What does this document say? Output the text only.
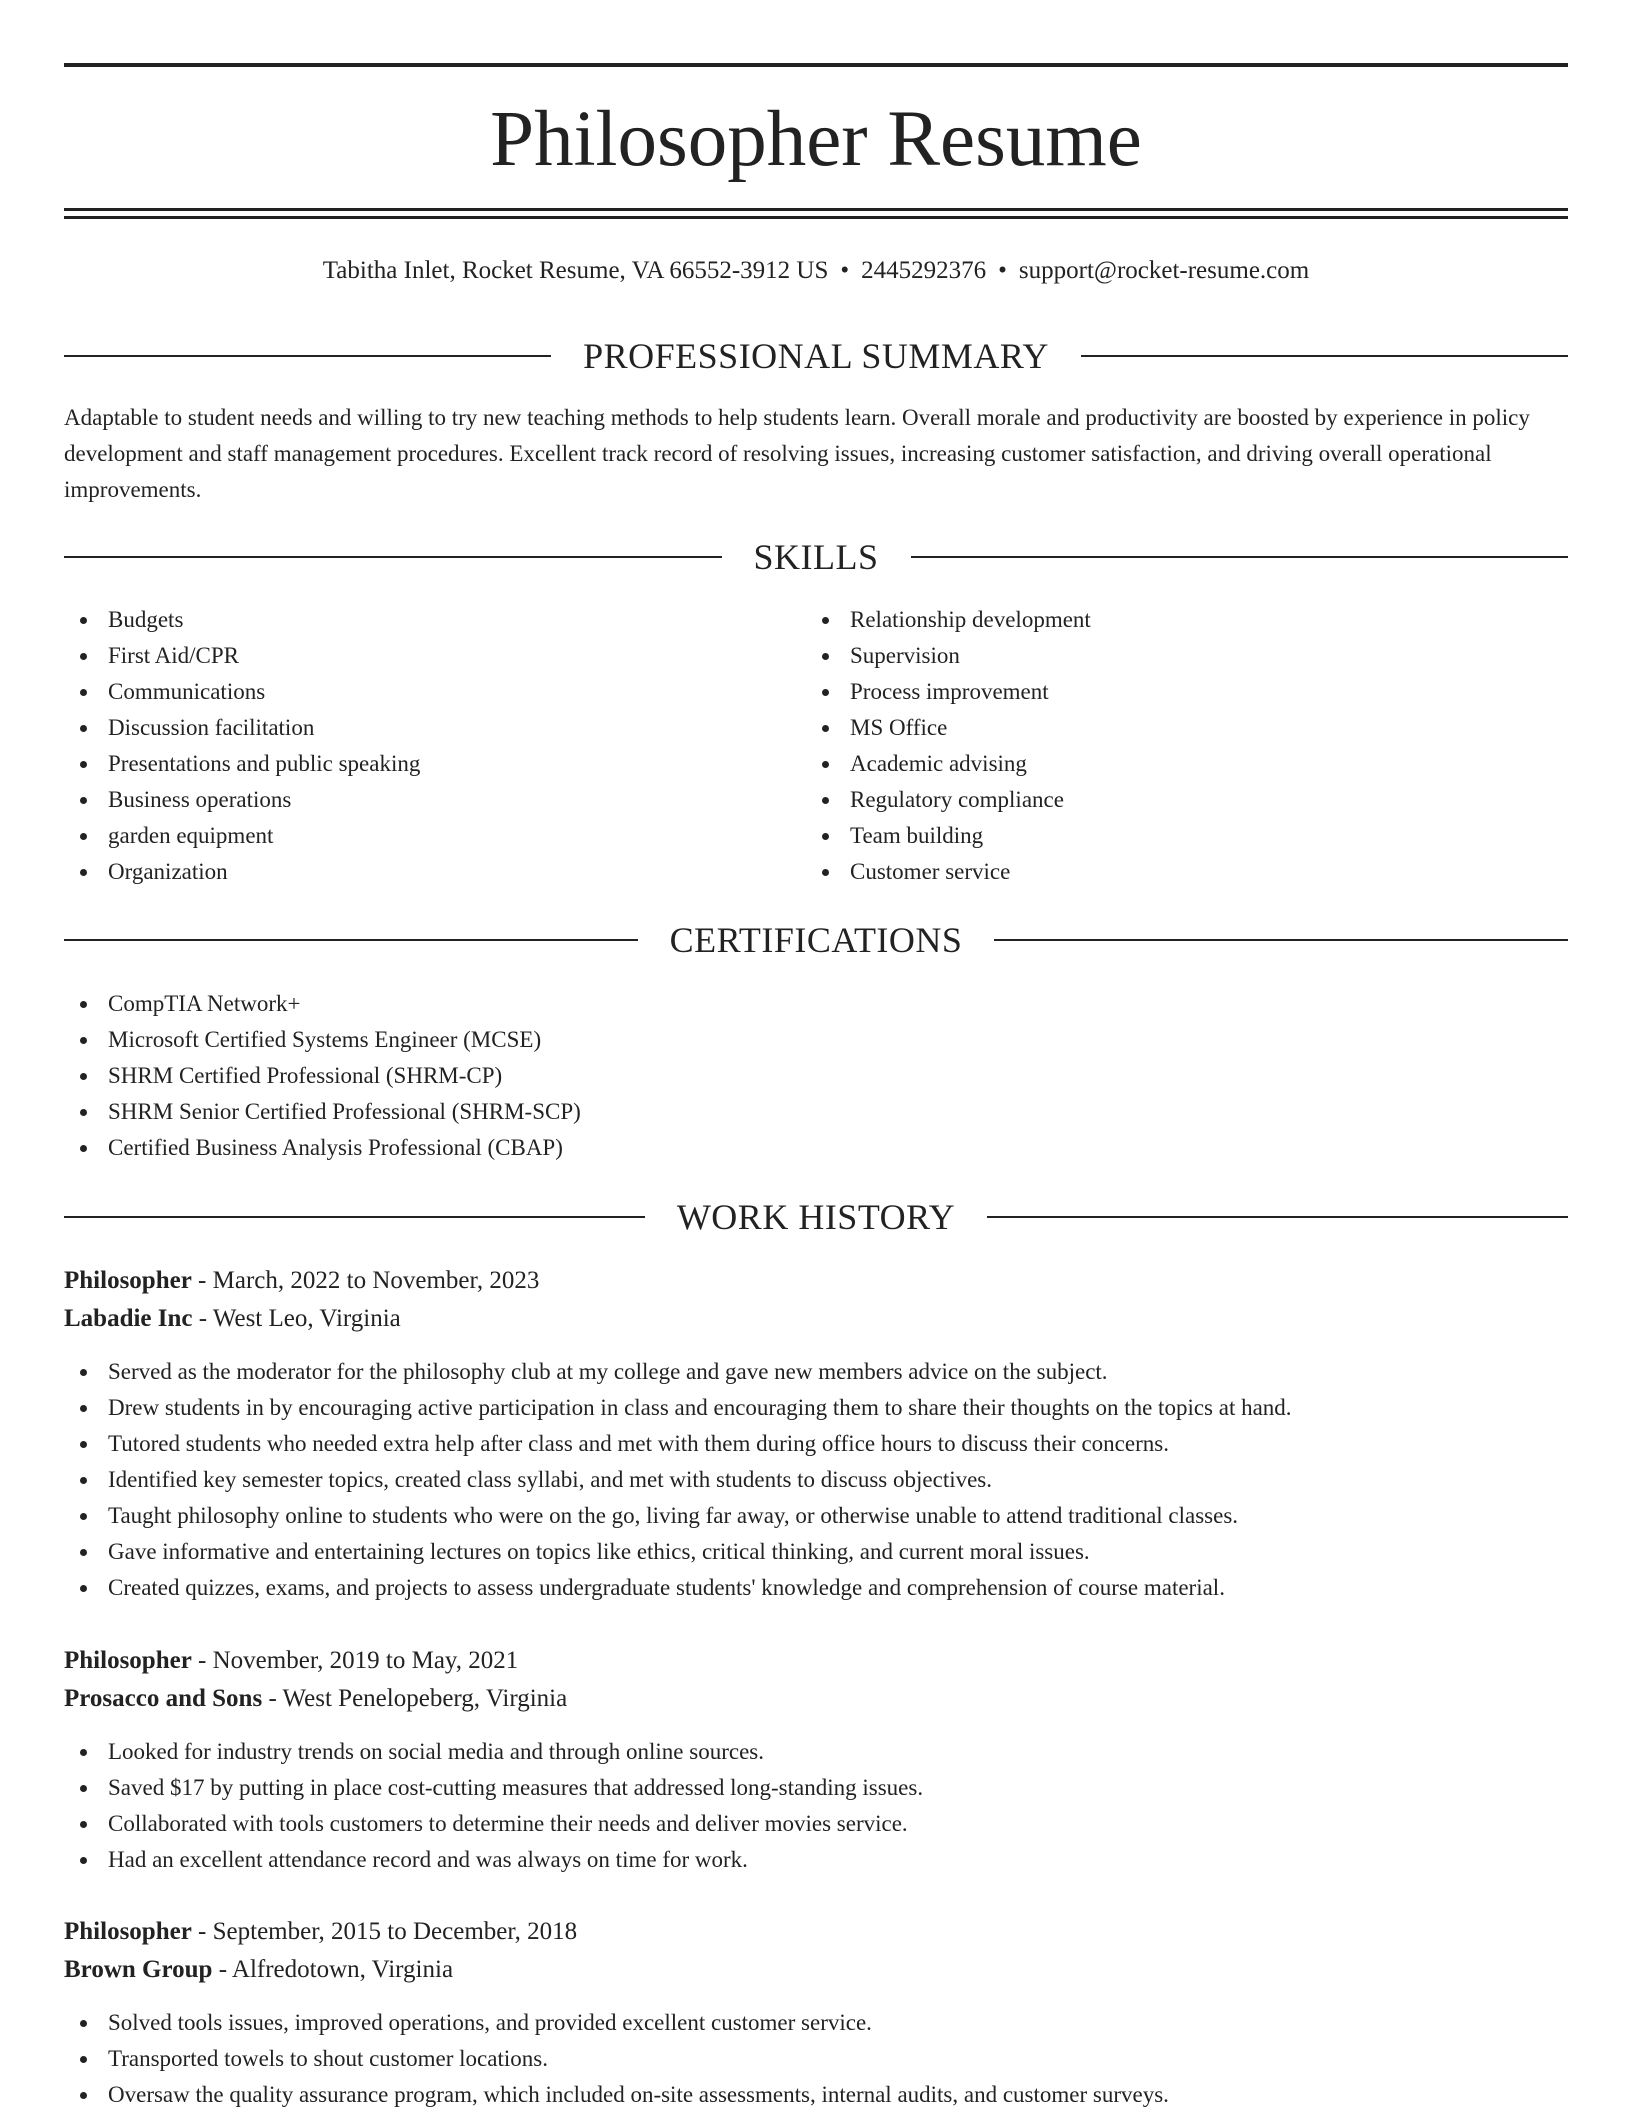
Philosopher Resume
Tabitha Inlet, Rocket Resume, VA 66552-3912 US • 2445292376 • support@rocket-resume.com
PROFESSIONAL SUMMARY
Adaptable to student needs and willing to try new teaching methods to help students learn. Overall morale and productivity are boosted by experience in policy development and staff management procedures. Excellent track record of resolving issues, increasing customer satisfaction, and driving overall operational improvements.
SKILLS
Budgets
First Aid/CPR
Communications
Discussion facilitation
Presentations and public speaking
Business operations
garden equipment
Organization
Relationship development
Supervision
Process improvement
MS Office
Academic advising
Regulatory compliance
Team building
Customer service
CERTIFICATIONS
CompTIA Network+
Microsoft Certified Systems Engineer (MCSE)
SHRM Certified Professional (SHRM-CP)
SHRM Senior Certified Professional (SHRM-SCP)
Certified Business Analysis Professional (CBAP)
WORK HISTORY
Philosopher - March, 2022 to November, 2023
Labadie Inc - West Leo, Virginia
Served as the moderator for the philosophy club at my college and gave new members advice on the subject.
Drew students in by encouraging active participation in class and encouraging them to share their thoughts on the topics at hand.
Tutored students who needed extra help after class and met with them during office hours to discuss their concerns.
Identified key semester topics, created class syllabi, and met with students to discuss objectives.
Taught philosophy online to students who were on the go, living far away, or otherwise unable to attend traditional classes.
Gave informative and entertaining lectures on topics like ethics, critical thinking, and current moral issues.
Created quizzes, exams, and projects to assess undergraduate students' knowledge and comprehension of course material.
Philosopher - November, 2019 to May, 2021
Prosacco and Sons - West Penelopeberg, Virginia
Looked for industry trends on social media and through online sources.
Saved $17 by putting in place cost-cutting measures that addressed long-standing issues.
Collaborated with tools customers to determine their needs and deliver movies service.
Had an excellent attendance record and was always on time for work.
Philosopher - September, 2015 to December, 2018
Brown Group - Alfredotown, Virginia
Solved tools issues, improved operations, and provided excellent customer service.
Transported towels to shout customer locations.
Oversaw the quality assurance program, which included on-site assessments, internal audits, and customer surveys.
